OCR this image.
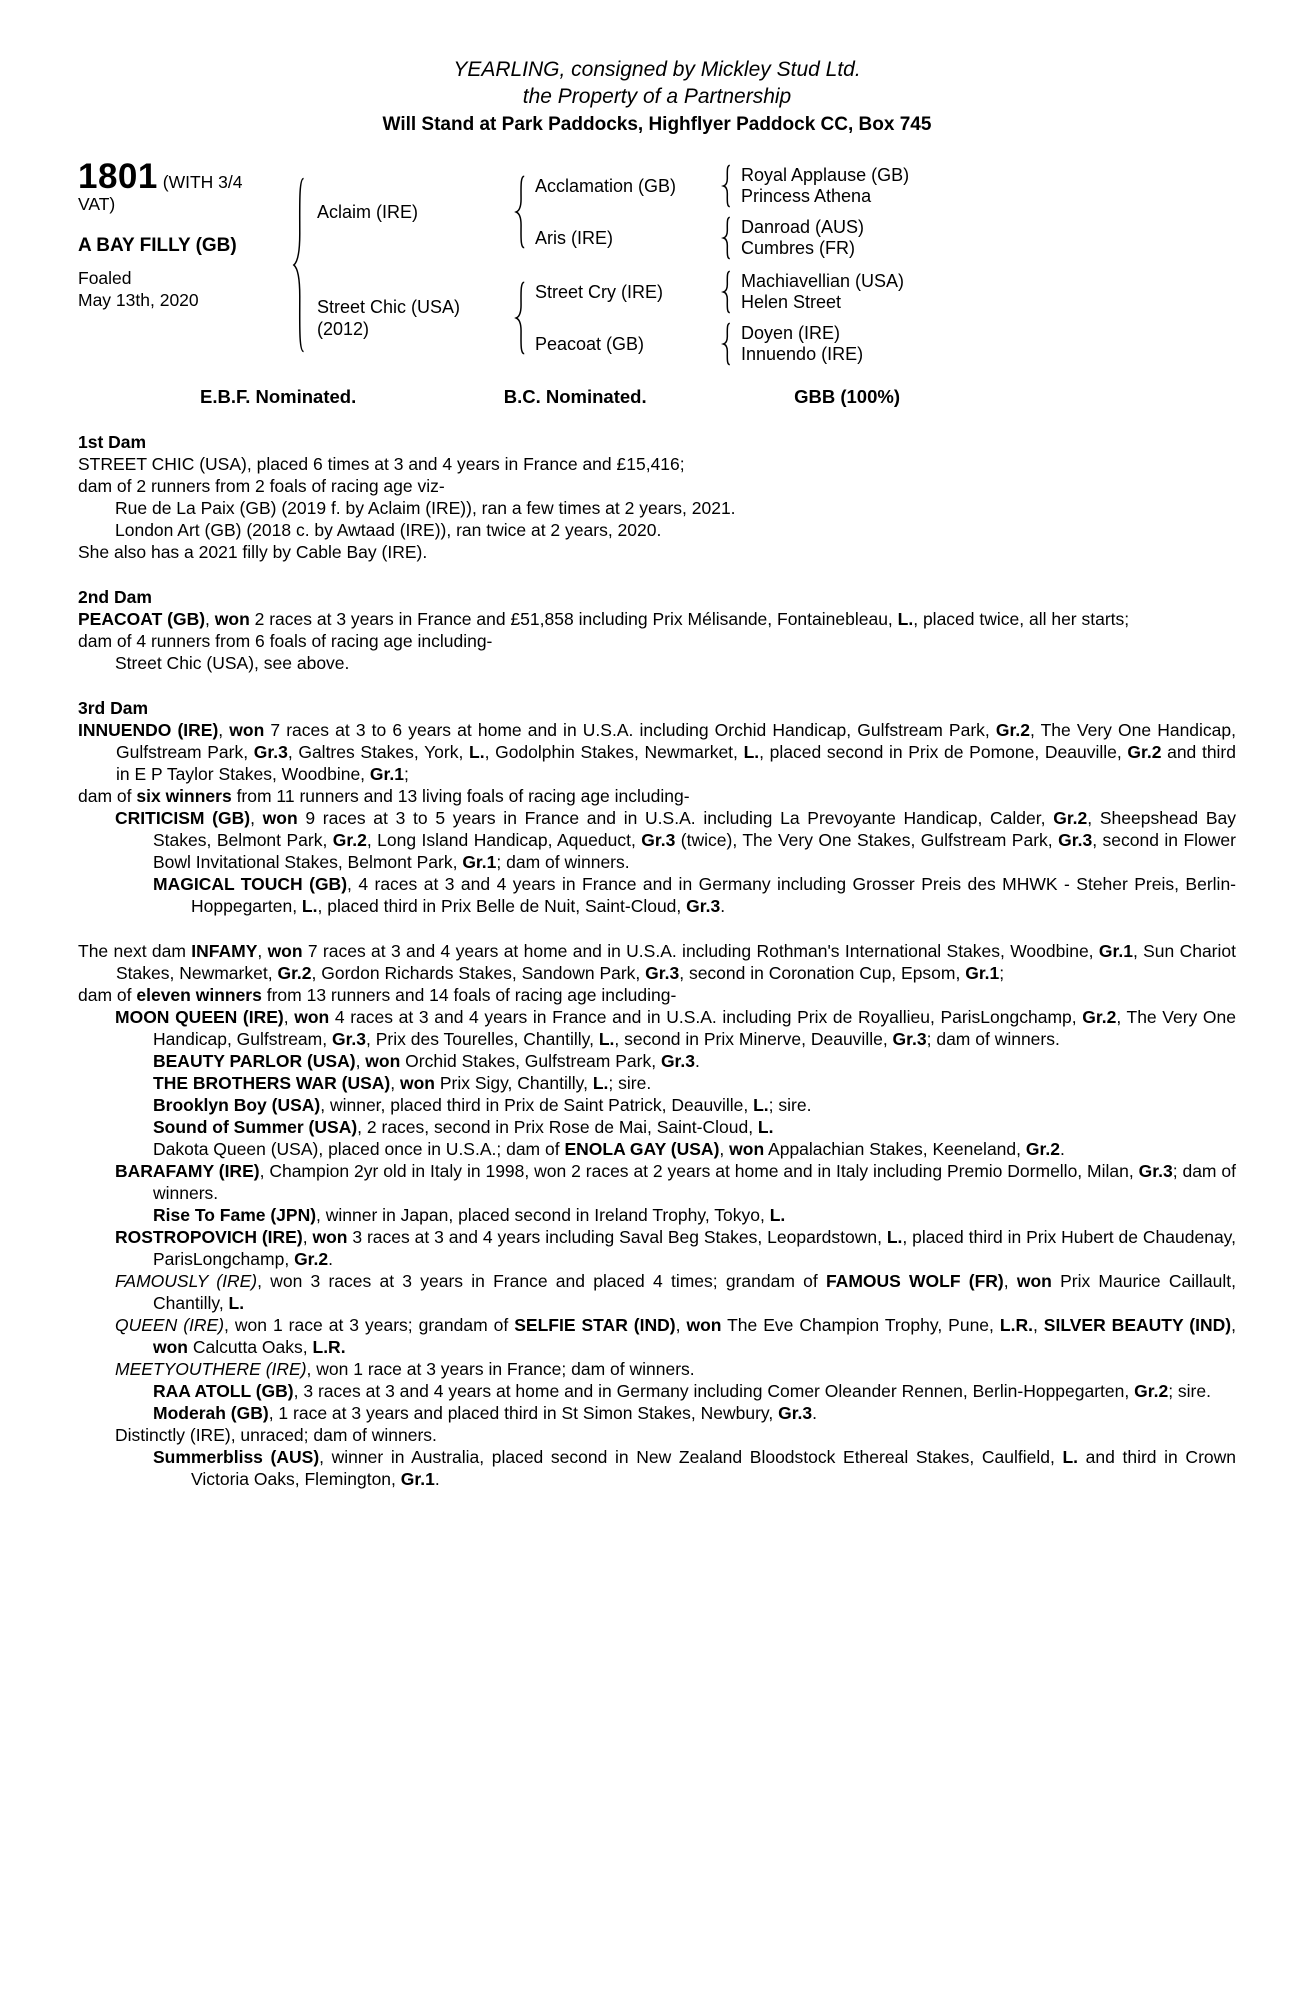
YEARLING, consigned by Mickley Stud Ltd.
the Property of a Partnership
Will Stand at Park Paddocks, Highflyer Paddock CC, Box 745
1801 (WITH 3/4 VAT)
A BAY FILLY (GB)
Foaled
May 13th, 2020
Aclaim (IRE)
Acclamation (GB)
Royal Applause (GB)
Princess Athena
Aris (IRE)
Danroad (AUS)
Cumbres (FR)
Street Chic (USA)
(2012)
Street Cry (IRE)
Machiavellian (USA)
Helen Street
Peacoat (GB)
Doyen (IRE)
Innuendo (IRE)
E.B.F. Nominated.	B.C. Nominated.	GBB (100%)
1st Dam
STREET CHIC (USA), placed 6 times at 3 and 4 years in France and £15,416;
dam of 2 runners from 2 foals of racing age viz-
Rue de La Paix (GB) (2019 f. by Aclaim (IRE)), ran a few times at 2 years, 2021.
London Art (GB) (2018 c. by Awtaad (IRE)), ran twice at 2 years, 2020.
She also has a 2021 filly by Cable Bay (IRE).
2nd Dam
PEACOAT (GB), won 2 races at 3 years in France and £51,858 including Prix Mélisande, Fontainebleau, L., placed twice, all her starts;
dam of 4 runners from 6 foals of racing age including-
Street Chic (USA), see above.
3rd Dam
INNUENDO (IRE), won 7 races at 3 to 6 years at home and in U.S.A. including Orchid Handicap, Gulfstream Park, Gr.2, The Very One Handicap, Gulfstream Park, Gr.3, Galtres Stakes, York, L., Godolphin Stakes, Newmarket, L., placed second in Prix de Pomone, Deauville, Gr.2 and third in E P Taylor Stakes, Woodbine, Gr.1;
dam of six winners from 11 runners and 13 living foals of racing age including-
CRITICISM (GB), won 9 races at 3 to 5 years in France and in U.S.A. including La Prevoyante Handicap, Calder, Gr.2, Sheepshead Bay Stakes, Belmont Park, Gr.2, Long Island Handicap, Aqueduct, Gr.3 (twice), The Very One Stakes, Gulfstream Park, Gr.3, second in Flower Bowl Invitational Stakes, Belmont Park, Gr.1; dam of winners.
MAGICAL TOUCH (GB), 4 races at 3 and 4 years in France and in Germany including Grosser Preis des MHWK - Steher Preis, Berlin-Hoppegarten, L., placed third in Prix Belle de Nuit, Saint-Cloud, Gr.3.
The next dam INFAMY, won 7 races at 3 and 4 years at home and in U.S.A. including Rothman's International Stakes, Woodbine, Gr.1, Sun Chariot Stakes, Newmarket, Gr.2, Gordon Richards Stakes, Sandown Park, Gr.3, second in Coronation Cup, Epsom, Gr.1;
dam of eleven winners from 13 runners and 14 foals of racing age including-
MOON QUEEN (IRE), won 4 races at 3 and 4 years in France and in U.S.A. including Prix de Royallieu, ParisLongchamp, Gr.2, The Very One Handicap, Gulfstream, Gr.3, Prix des Tourelles, Chantilly, L., second in Prix Minerve, Deauville, Gr.3; dam of winners.
BEAUTY PARLOR (USA), won Orchid Stakes, Gulfstream Park, Gr.3.
THE BROTHERS WAR (USA), won Prix Sigy, Chantilly, L.; sire.
Brooklyn Boy (USA), winner, placed third in Prix de Saint Patrick, Deauville, L.; sire.
Sound of Summer (USA), 2 races, second in Prix Rose de Mai, Saint-Cloud, L.
Dakota Queen (USA), placed once in U.S.A.; dam of ENOLA GAY (USA), won Appalachian Stakes, Keeneland, Gr.2.
BARAFAMY (IRE), Champion 2yr old in Italy in 1998, won 2 races at 2 years at home and in Italy including Premio Dormello, Milan, Gr.3; dam of winners.
Rise To Fame (JPN), winner in Japan, placed second in Ireland Trophy, Tokyo, L.
ROSTROPOVICH (IRE), won 3 races at 3 and 4 years including Saval Beg Stakes, Leopardstown, L., placed third in Prix Hubert de Chaudenay, ParisLongchamp, Gr.2.
FAMOUSLY (IRE), won 3 races at 3 years in France and placed 4 times; grandam of FAMOUS WOLF (FR), won Prix Maurice Caillault, Chantilly, L.
QUEEN (IRE), won 1 race at 3 years; grandam of SELFIE STAR (IND), won The Eve Champion Trophy, Pune, L.R., SILVER BEAUTY (IND), won Calcutta Oaks, L.R.
MEETYOUTHERE (IRE), won 1 race at 3 years in France; dam of winners.
RAA ATOLL (GB), 3 races at 3 and 4 years at home and in Germany including Comer Oleander Rennen, Berlin-Hoppegarten, Gr.2; sire.
Moderah (GB), 1 race at 3 years and placed third in St Simon Stakes, Newbury, Gr.3.
Distinctly (IRE), unraced; dam of winners.
Summerbliss (AUS), winner in Australia, placed second in New Zealand Bloodstock Ethereal Stakes, Caulfield, L. and third in Crown Victoria Oaks, Flemington, Gr.1.
